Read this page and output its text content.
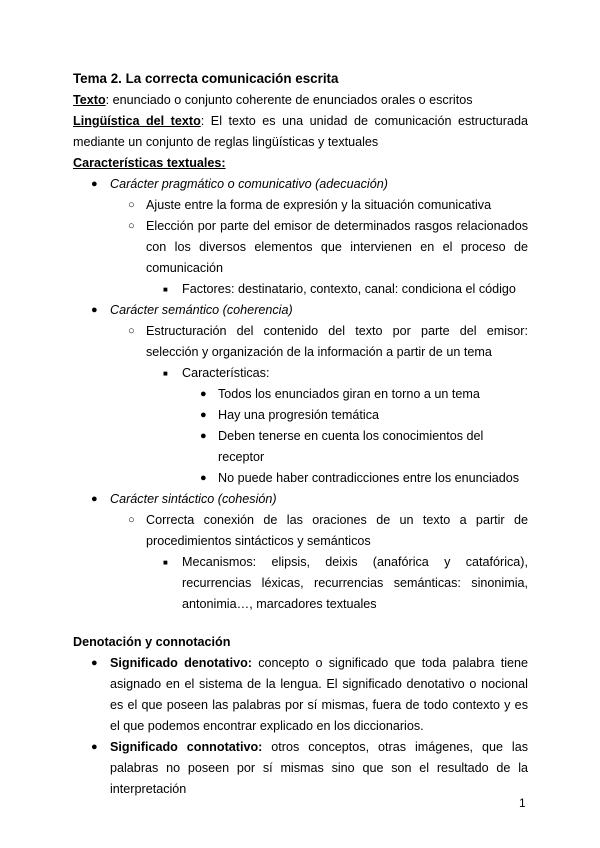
Tema 2. La correcta comunicación escrita
Texto: enunciado o conjunto coherente de enunciados orales o escritos
Lingüística del texto: El texto es una unidad de comunicación estructurada mediante un conjunto de reglas lingüísticas y textuales
Características textuales:
● Carácter pragmático o comunicativo (adecuación)
○ Ajuste entre la forma de expresión y la situación comunicativa
○ Elección por parte del emisor de determinados rasgos relacionados con los diversos elementos que intervienen en el proceso de comunicación
■ Factores: destinatario, contexto, canal: condiciona el código
● Carácter semántico (coherencia)
○ Estructuración del contenido del texto por parte del emisor: selección y organización de la información a partir de un tema
■ Características:
● Todos los enunciados giran en torno a un tema
● Hay una progresión temática
● Deben tenerse en cuenta los conocimientos del receptor
● No puede haber contradicciones entre los enunciados
● Carácter sintáctico (cohesión)
○ Correcta conexión de las oraciones de un texto a partir de procedimientos sintácticos y semánticos
■ Mecanismos: elipsis, deixis (anafórica y catafórica), recurrencias léxicas, recurrencias semánticas: sinonimia, antonimia…, marcadores textuales
Denotación y connotación
● Significado denotativo: concepto o significado que toda palabra tiene asignado en el sistema de la lengua. El significado denotativo o nocional es el que poseen las palabras por sí mismas, fuera de todo contexto y es el que podemos encontrar explicado en los diccionarios.
● Significado connotativo: otros conceptos, otras imágenes, que las palabras no poseen por sí mismas sino que son el resultado de la interpretación
1
